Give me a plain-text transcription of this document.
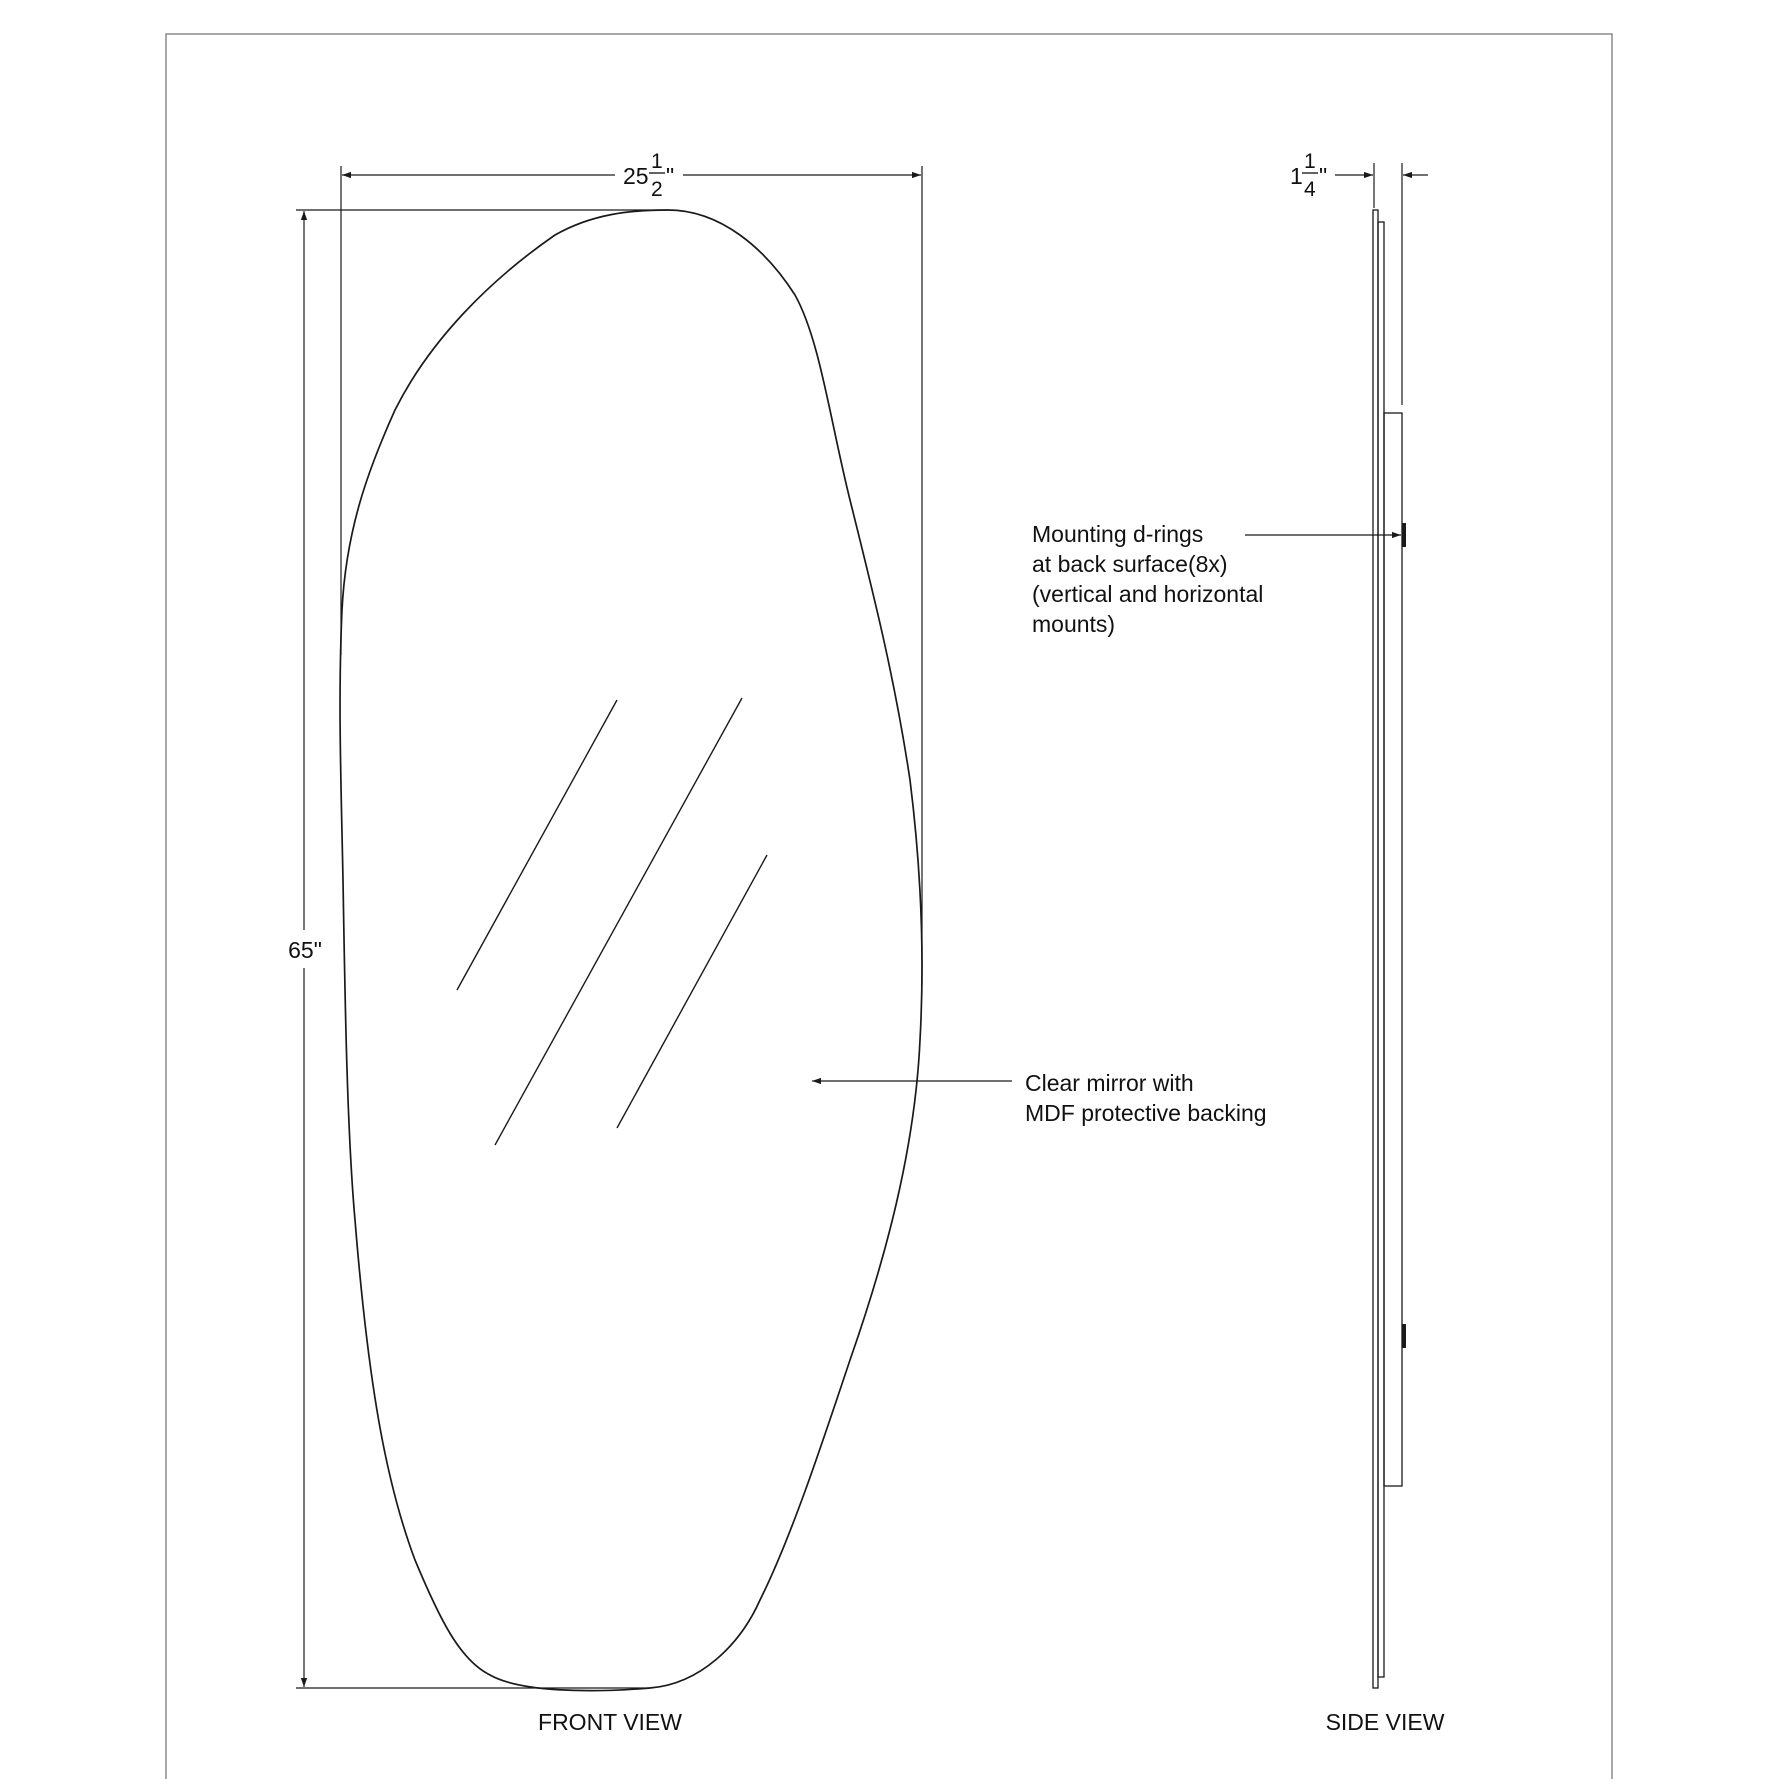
25
1
2
"
65"
Clear mirror with
MDF protective backing
FRONT VIEW
1
1
4
"
Mounting d-rings
at back surface(8x)
(vertical and horizontal
mounts)
SIDE VIEW
